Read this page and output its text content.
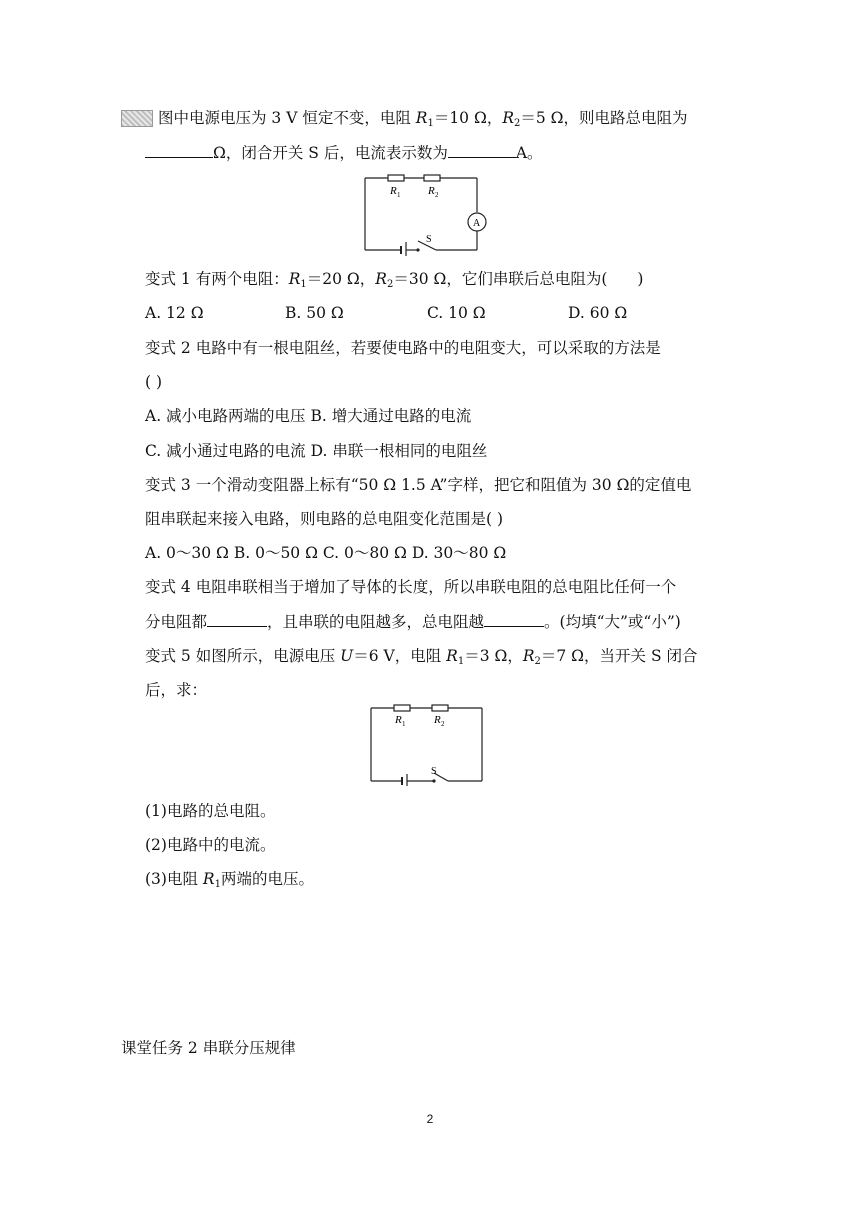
图中电源电压为 3 V 恒定不变，电阻 $R_1=10$ Ω，$R_2=5$ Ω，则电路总电阻为
Ω，闭合开关 S 后，电流表示数为	A。
R 1	R 2
A
S
变式 1 有两个电阻：$R_1=20$ Ω，$R_2=30$ Ω，它们串联后总电阻为( )
A. 12 Ω	B. 50 Ω	C. 10 Ω	D. 60 Ω
变式 2 电路中有一根电阻丝，若要使电路中的电阻变大，可以采取的方法是
( )
A. 减小电路两端的电压 B. 增大通过电路的电流
C. 减小通过电路的电流 D. 串联一根相同的电阻丝
变式 3 一个滑动变阻器上标有“50 Ω 1.5 A”字样，把它和阻值为 30 Ω的定值电
阻串联起来接入电路，则电路的总电阻变化范围是( )
A. 0～30 Ω B. 0～50 Ω C. 0～80 Ω D. 30～80 Ω
变式 4 电阻串联相当于增加了导体的长度，所以串联电阻的总电阻比任何一个
分电阻都	，且串联的电阻越多，总电阻越	。(均填“大”或“小”)
变式 5 如图所示，电源电压 U＝6 V，电阻 $R_1=3$ Ω，$R_2=7$ Ω，当开关 S 闭合
后，求：
R 1	R 2
S
(1)电路的总电阻。
(2)电路中的电流。
(3)电阻 $R_1$两端的电压。
课堂任务 2 串联分压规律
2
